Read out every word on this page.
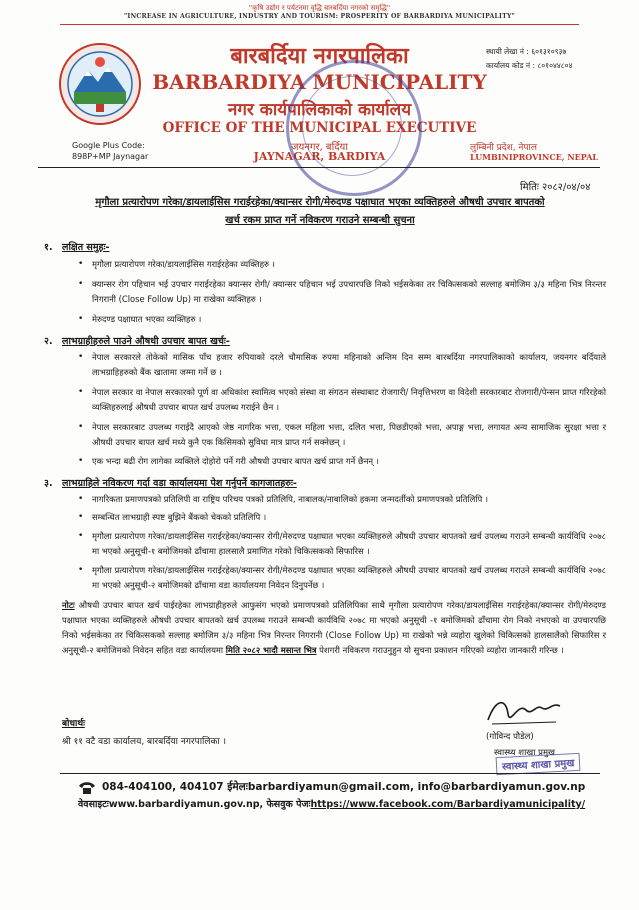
"कृषि उद्योग र पर्यटनमा वृद्धि बारबर्दिया नगरको समृद्धि"
"INCREASE IN AGRICULTURE, INDUSTRY AND TOURISM: PROSPERITY OF BARBARDIYA MUNICIPALITY"
बारबर्दिया नगरपालिका
BARBARDIYA MUNICIPALITY
नगर कार्यपालिकाको कार्यालय
OFFICE OF THE MUNICIPAL EXECUTIVE
जयनगर, बर्दिया
JAYNAGAR, BARDIYA
स्थायी लेखा नं : ६०१३१०९३७
कार्यालय कोड नं : ८०१०४४८०४
लुम्बिनी प्रदेश, नेपाल
LUMBINIPROVINCE, NEPAL
Google Plus Code:
898P+MP Jaynagar
मितिः २०८२/०४/०४
मृगौला प्रत्यारोपण गरेका/डायलाईसिस गराईरहेका/क्यान्सर रोगी/मेरुदण्ड पक्षाघात भएका व्यक्तिहरुले औषधी उपचार बापतको
खर्च रकम प्राप्त गर्ने नविकरण गराउने सम्बन्धी सुचना
१. लक्षित समुहः-
• मृगौला प्रत्यारोपण गरेका/डायलाईसिस गराईरहेका व्यक्तिहरु ।
• क्यान्सर रोग पहिचान भई उपचार गराईरहेका क्यान्सर रोगी/ क्यान्सर पहिचान भई उपचारपछि निको भईसकेका तर चिकित्सकको सल्लाह बमोजिम ३/३ महिना भित्र निरन्तर निगरानी (Close Follow Up) मा राखेका व्यक्तिहरु ।
• मेरुदण्ड पक्षाघात भएका व्यक्तिहरु ।
२. लाभग्राहीहरुले पाउने औषधी उपचार बापत खर्चः-
• नेपाल सरकारले तोकेको मासिक पाँच हजार रुपियाको दरले चौमासिक रुपमा महिनाको अन्तिम दिन सम्म बारबर्दिया नगरपालिकाको कार्यालय, जयनगर बर्दियाले लाभग्राहिहरुको बैंक खातामा जम्मा गर्ने छ ।
• नेपाल सरकार वा नेपाल सरकारको पूर्ण वा अधिकांश स्वामित्व भएको संस्था वा संगठन संस्थाबाट रोजगारी/ निवृत्तिभरण वा विदेशी सरकारबाट रोजगारी/पेन्सन प्राप्त गरिरहेको व्यक्तिहरुलाई औषधी उपचार बापत खर्च उपलब्ध गराईने छैन ।
• नेपाल सरकारबाट उपलब्ध गराईदै आएको जेष्ठ नागरिक भत्ता, एकल महिला भत्ता, दलित भत्ता, पिछडीएको भत्ता, अपाङ्ग भत्ता, लगायत अन्य सामाजिक सुरक्षा भत्ता र औषधी उपचार बापत खर्च मध्ये कुनै एक किसिमको सुविधा मात्र प्राप्त गर्न सक्नेछन् ।
• एक भन्दा बढी रोग लागेका व्यक्तिले दोहोरो पर्ने गरी औषधी उपचार बापत खर्च प्राप्त गर्ने छैनन् ।
३. लाभग्राहिले नविकरण गर्दा वडा कार्यालयमा पेश गर्नुपर्ने कागजातहरुः-
• नागरिकता प्रमाणपत्रको प्रतिलिपी वा राष्ट्रिय परिचय पत्रको प्रतिलिपि, नाबालक/नाबालिको हकमा जन्मदर्तीको प्रमाणपत्रको प्रतिलिपि ।
• सम्बन्धित लाभग्राही स्पष्ट बुझिने बैंकको चेकको प्रतिलिपि ।
• मृगौला प्रत्यारोपण गरेका/डायलाईसिस गराईरहेका/क्यान्सर रोगी/मेरुदण्ड पक्षाघात भएका व्यक्तिहरुले औषधी उपचार बापतको खर्च उपलब्ध गराउने सम्बन्धी कार्यविधि २०७८ मा भएको अनुसूची-१ बमोजिमको ढाँचामा हालसालै प्रमाणित गरेको चिकित्सकको सिफारिस ।
• मृगौला प्रत्यारोपण गरेका/डायलाईसिस गराईरहेका/क्यान्सर रोगी/मेरुदण्ड पक्षाघात भएका व्यक्तिहरुले औषधी उपचार बापतको खर्च उपलब्ध गराउने सम्बन्धी कार्यविधि २०७८ मा भएको अनुसूची-२ बमोजिमको ढाँचामा वडा कार्यालयमा निवेदन दिनुपर्नेछ ।
नोटः औषधी उपचार बापत खर्च पाईरहेका लाभग्राहीहरुले आफुसंग भएको प्रमाणपत्रको प्रतिलिपिका साथै मृगौला प्रत्यारोपण गरेका/डायलाईसिस गराईरहेका/क्यान्सर रोगी/मेरुदण्ड पक्षाघात भएका व्यक्तिहरुले औषधी उपचार बापतको खर्च उपलब्ध गराउने सम्बन्धी कार्यविधि २०७८ मा भएको अनुसूची -१ बमोजिमको ढाँचामा रोग निको नभएको वा उपचारपछि निको भईसकेका तर चिकित्सकको सल्लाह बमोजिम ३/३ महिना भित्र निरन्तर निगरानी (Close Follow Up) मा राखेको भन्ने व्यहोरा खुलेको चिकित्सको हालसालैको सिफारिस र अनुसूची-२ बमोजिमको निवेदन सहित वडा कार्यालयमा मिति २०८२ भादौ मसान्त भित्र पेशगरी नविकरण गराउनुहुन यो सुचना प्रकाशन गरिएको व्यहोरा जानकारी गरिन्छ ।
बोधार्थः
श्री ११ वटै वडा कार्यालय, बारबर्दिया नगरपालिका ।	(गोविन्द पौडेल)
स्वास्थ्य शाखा प्रमुख
स्वास्थ्य शाखा प्रमुख
084-404100, 404107 ईमेलःbarbardiyamun@gmail.com, info@barbardiyamun.gov.np
वेवसाइटःwww.barbardiyamun.gov.np, फेसवुक पेजःhttps://www.facebook.com/Barbardiyamunicipality/
